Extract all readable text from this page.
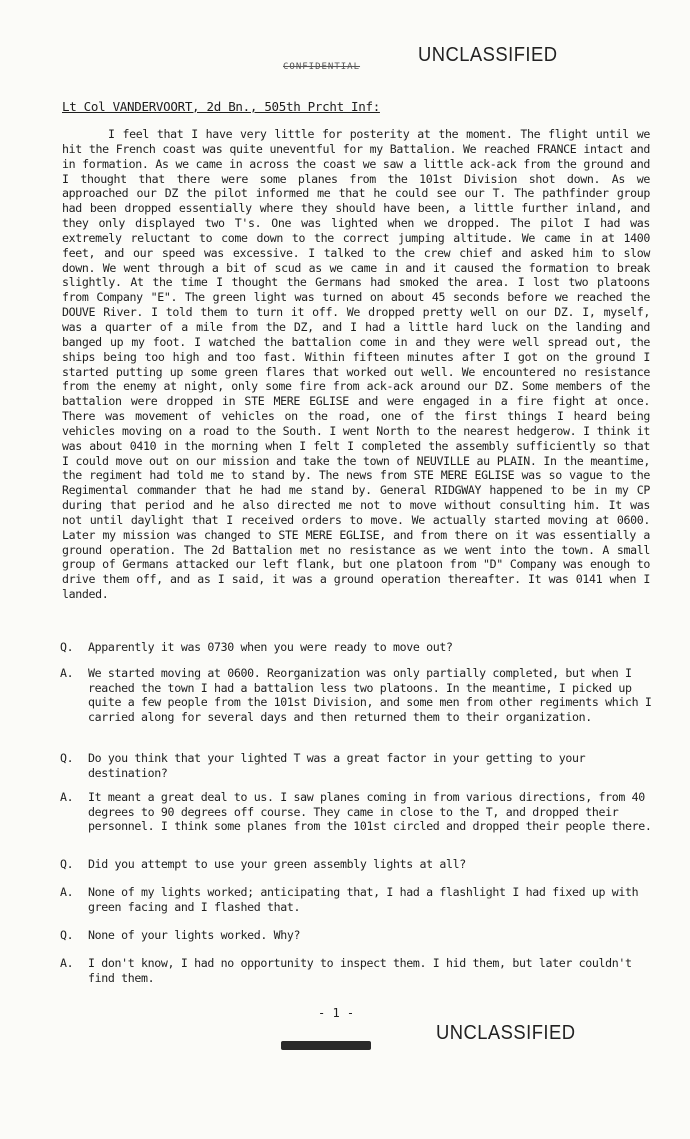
UNCLASSIFIED
CONFIDENTIAL
Lt Col VANDERVOORT, 2d Bn., 505th Prcht Inf:

I feel that I have very little for posterity at the moment. The flight until we hit the French coast was quite uneventful for my Battalion. We reached FRANCE intact and in formation. As we came in across the coast we saw a little ack-ack from the ground and I thought that there were some planes from the 101st Division shot down. As we approached our DZ the pilot informed me that he could see our T. The pathfinder group had been dropped essentially where they should have been, a little further inland, and they only displayed two T's. One was lighted when we dropped. The pilot I had was extremely reluctant to come down to the correct jumping altitude. We came in at 1400 feet, and our speed was excessive. I talked to the crew chief and asked him to slow down. We went through a bit of scud as we came in and it caused the formation to break slightly. At the time I thought the Germans had smoked the area. I lost two platoons from Company "E". The green light was turned on about 45 seconds before we reached the DOUVE River. I told them to turn it off. We dropped pretty well on our DZ. I, myself, was a quarter of a mile from the DZ, and I had a little hard luck on the landing and banged up my foot. I watched the battalion come in and they were well spread out, the ships being too high and too fast. Within fifteen minutes after I got on the ground I started putting up some green flares that worked out well. We encountered no resistance from the enemy at night, only some fire from ack-ack around our DZ. Some members of the battalion were dropped in STE MERE EGLISE and were engaged in a fire fight at once. There was movement of vehicles on the road, one of the first things I heard being vehicles moving on a road to the South. I went North to the nearest hedgerow. I think it was about 0410 in the morning when I felt I completed the assembly sufficiently so that I could move out on our mission and take the town of NEUVILLE au PLAIN. In the meantime, the regiment had told me to stand by. The news from STE MERE EGLISE was so vague to the Regimental commander that he had me stand by. General RIDGWAY happened to be in my CP during that period and he also directed me not to move without consulting him. It was not until daylight that I received orders to move. We actually started moving at 0600. Later my mission was changed to STE MERE EGLISE, and from there on it was essentially a ground operation. The 2d Battalion met no resistance as we went into the town. A small group of Germans attacked our left flank, but one platoon from "D" Company was enough to drive them off, and as I said, it was a ground operation thereafter. It was 0141 when I landed.

Q.	Apparently it was 0730 when you were ready to move out?
A.	We started moving at 0600. Reorganization was only partially completed, but when I reached the town I had a battalion less two platoons. In the meantime, I picked up quite a few people from the 101st Division, and some men from other regiments which I carried along for several days and then returned them to their organization.
Q.	Do you think that your lighted T was a great factor in your getting to your destination?
A.	It meant a great deal to us. I saw planes coming in from various directions, from 40 degrees to 90 degrees off course. They came in close to the T, and dropped their personnel. I think some planes from the 101st circled and dropped their people there.
Q.	Did you attempt to use your green assembly lights at all?
A.	None of my lights worked; anticipating that, I had a flashlight I had fixed up with green facing and I flashed that.
Q.	None of your lights worked. Why?
A.	I don't know, I had no opportunity to inspect them. I hid them, but later couldn't find them.
- 1 -
UNCLASSIFIED
